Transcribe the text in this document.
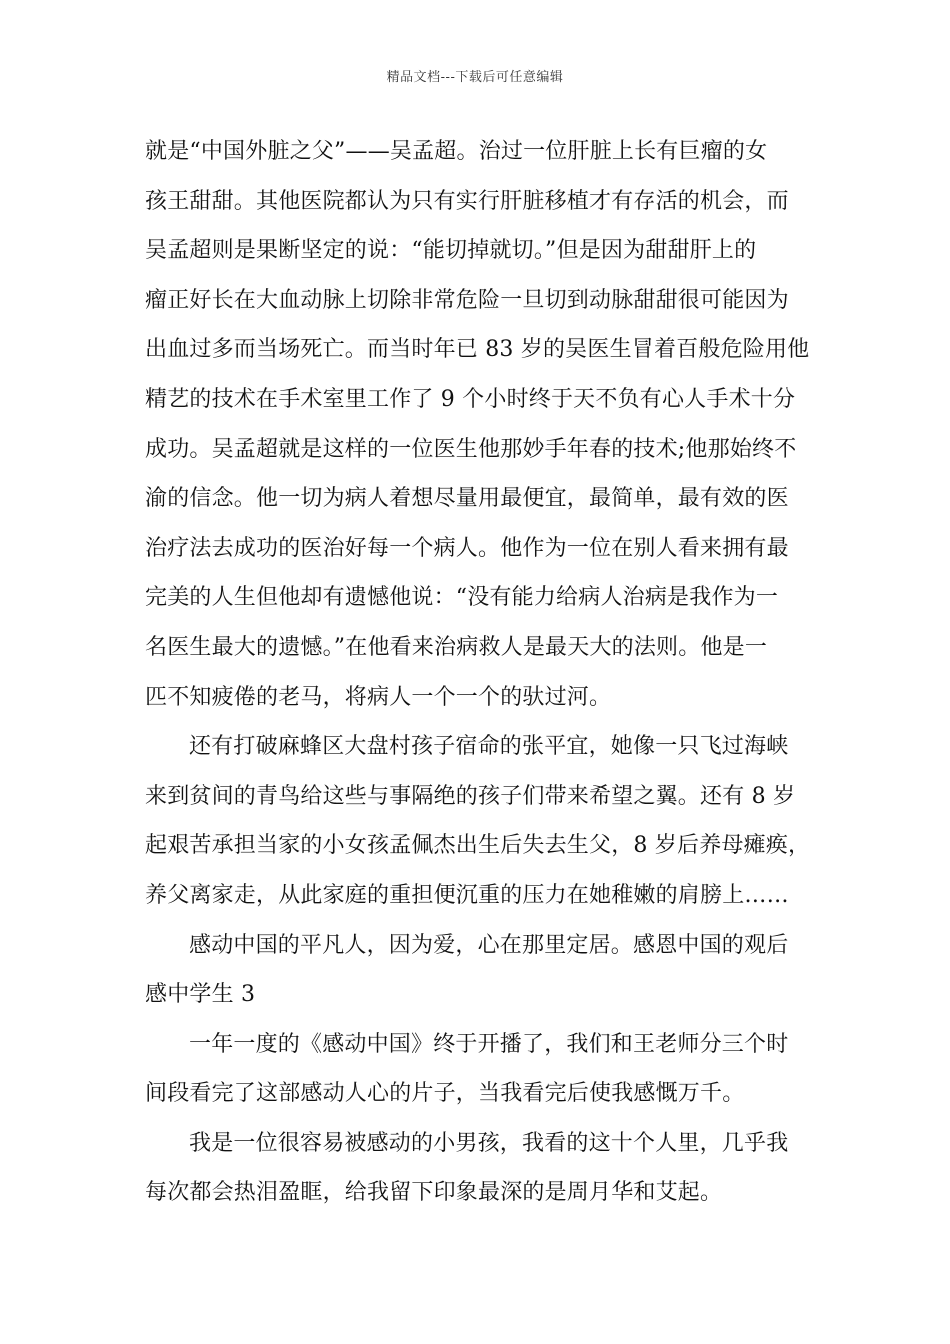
精品文档---下载后可任意编辑
就是“中国外脏之父”——吴孟超。治过一位肝脏上长有巨瘤的女
孩王甜甜。其他医院都认为只有实行肝脏移植才有存活的机会，而
吴孟超则是果断坚定的说：“能切掉就切。”但是因为甜甜肝上的
瘤正好长在大血动脉上切除非常危险一旦切到动脉甜甜很可能因为
出血过多而当场死亡。而当时年已 83 岁的吴医生冒着百般危险用他
精艺的技术在手术室里工作了 9 个小时终于天不负有心人手术十分
成功。吴孟超就是这样的一位医生他那妙手年春的技术;他那始终不
渝的信念。他一切为病人着想尽量用最便宜，最简单，最有效的医
治疗法去成功的医治好每一个病人。他作为一位在别人看来拥有最
完美的人生但他却有遗憾他说：“没有能力给病人治病是我作为一
名医生最大的遗憾。”在他看来治病救人是最天大的法则。他是一
匹不知疲倦的老马，将病人一个一个的驮过河。
还有打破麻蜂区大盘村孩子宿命的张平宜，她像一只飞过海峡
来到贫间的青鸟给这些与事隔绝的孩子们带来希望之翼。还有 8 岁
起艰苦承担当家的小女孩孟佩杰出生后失去生父，8 岁后养母瘫痪，
养父离家走，从此家庭的重担便沉重的压力在她稚嫩的肩膀上……
感动中国的平凡人，因为爱，心在那里定居。感恩中国的观后
感中学生 3
一年一度的《感动中国》终于开播了，我们和王老师分三个时
间段看完了这部感动人心的片子，当我看完后使我感慨万千。
我是一位很容易被感动的小男孩，我看的这十个人里，几乎我
每次都会热泪盈眶，给我留下印象最深的是周月华和艾起。
